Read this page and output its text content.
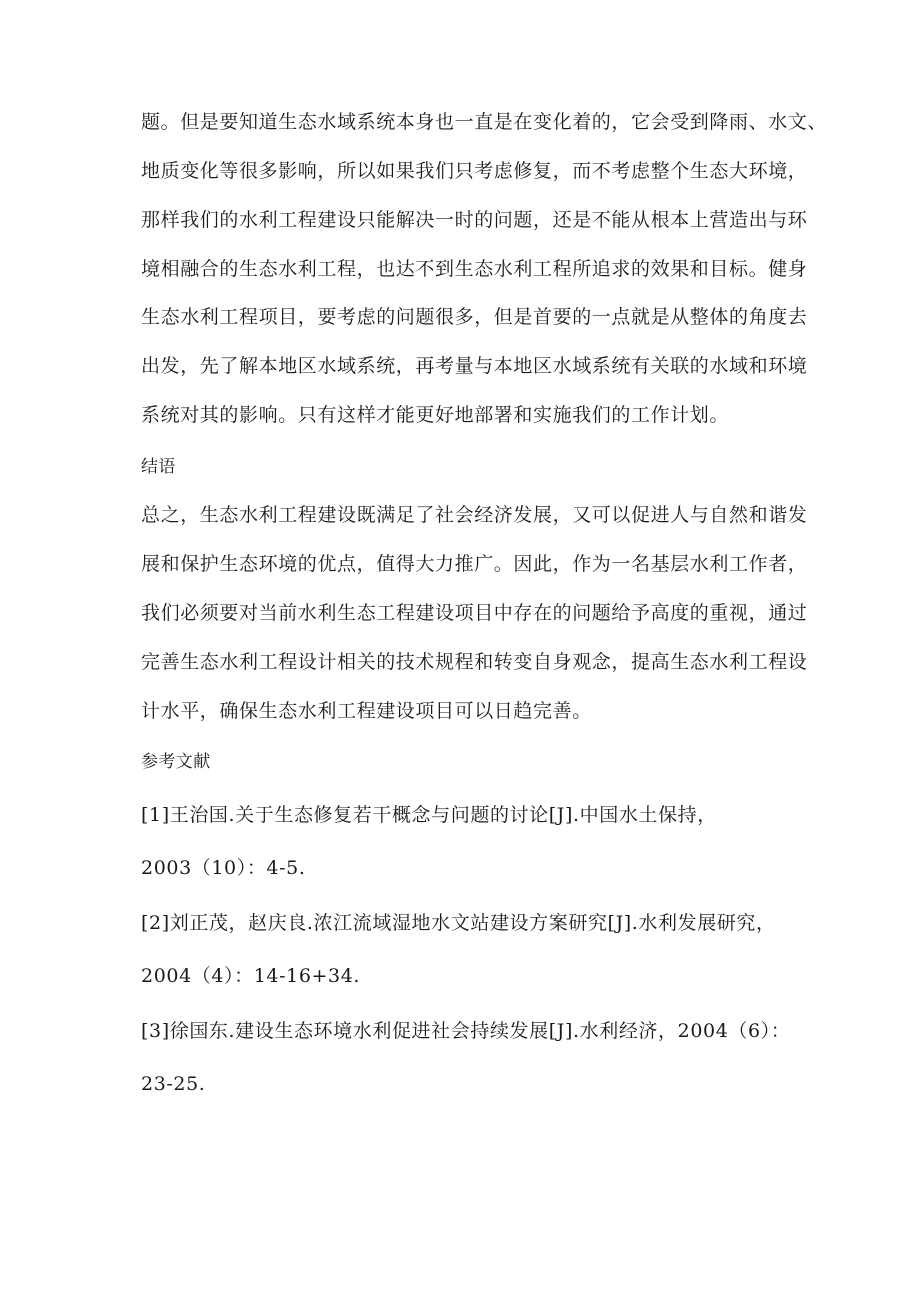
题。但是要知道生态水域系统本身也一直是在变化着的，它会受到降雨、水文、
地质变化等很多影响，所以如果我们只考虑修复，而不考虑整个生态大环境，
那样我们的水利工程建设只能解决一时的问题，还是不能从根本上营造出与环
境相融合的生态水利工程，也达不到生态水利工程所追求的效果和目标。健身
生态水利工程项目，要考虑的问题很多，但是首要的一点就是从整体的角度去
出发，先了解本地区水域系统，再考量与本地区水域系统有关联的水域和环境
系统对其的影响。只有这样才能更好地部署和实施我们的工作计划。
结语
总之，生态水利工程建设既满足了社会经济发展，又可以促进人与自然和谐发
展和保护生态环境的优点，值得大力推广。因此，作为一名基层水利工作者，
我们必须要对当前水利生态工程建设项目中存在的问题给予高度的重视，通过
完善生态水利工程设计相关的技术规程和转变自身观念，提高生态水利工程设
计水平，确保生态水利工程建设项目可以日趋完善。
参考文献
[1]王治国.关于生态修复若干概念与问题的讨论[J].中国水土保持，
2003（10）：4-5.
[2]刘正茂，赵庆良.浓江流域湿地水文站建设方案研究[J].水利发展研究，
2004（4）：14-16+34.
[3]徐国东.建设生态环境水利促进社会持续发展[J].水利经济，2004（6）：
23-25.
